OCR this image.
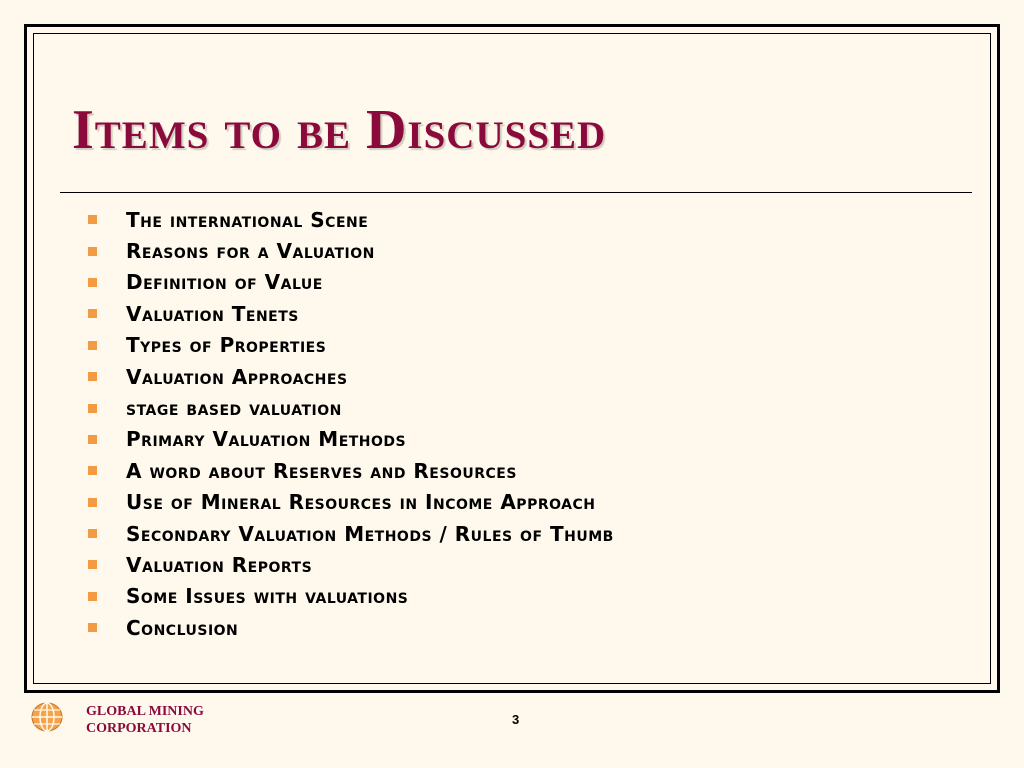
Items to be Discussed
The international Scene
Reasons for a Valuation
Definition of Value
Valuation Tenets
Types of Properties
Valuation Approaches
stage based valuation
Primary Valuation Methods
A word about Reserves and Resources
Use of Mineral Resources in Income Approach
Secondary Valuation Methods / Rules of Thumb
Valuation Reports
Some Issues with valuations
Conclusion
GLOBAL MINING
CORPORATION
3
